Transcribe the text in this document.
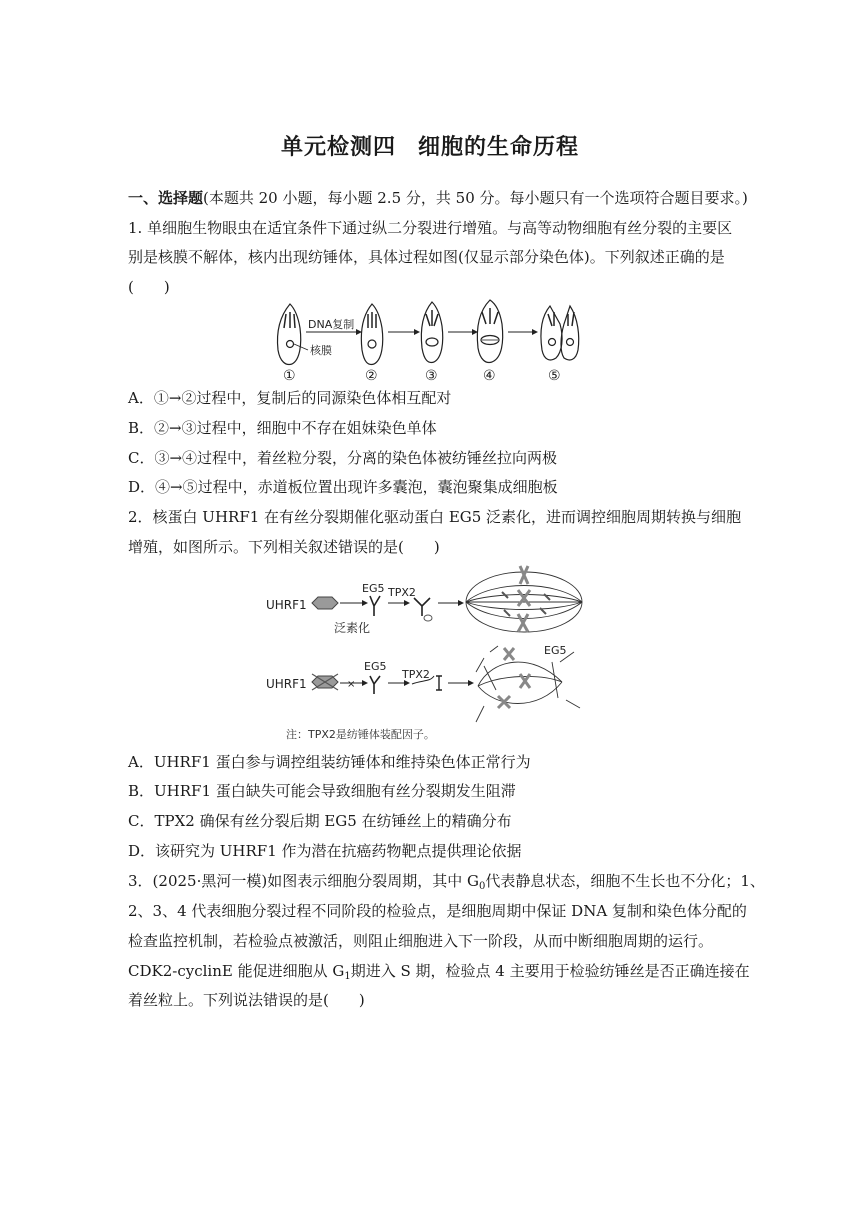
单元检测四 细胞的生命历程
一、选择题(本题共 20 小题，每小题 2.5 分，共 50 分。每小题只有一个选项符合题目要求。)
1. 单细胞生物眼虫在适宜条件下通过纵二分裂进行增殖。与高等动物细胞有丝分裂的主要区
别是核膜不解体，核内出现纺锤体，具体过程如图(仅显示部分染色体)。下列叙述正确的是
(　　)
DNA复制
核膜
①	②	③	④	⑤
A．①→②过程中，复制后的同源染色体相互配对
B．②→③过程中，细胞中不存在姐妹染色单体
C．③→④过程中，着丝粒分裂，分离的染色体被纺锤丝拉向两极
D．④→⑤过程中，赤道板位置出现许多囊泡，囊泡聚集成细胞板
2．核蛋白 UHRF1 在有丝分裂期催化驱动蛋白 EG5 泛素化，进而调控细胞周期转换与细胞
增殖，如图所示。下列相关叙述错误的是(　　)
UHRF1
EG5
泛素化
TPX2
UHRF1	×
EG5
TPX2
EG5
注：TPX2是纺锤体装配因子。
A．UHRF1 蛋白参与调控组装纺锤体和维持染色体正常行为
B．UHRF1 蛋白缺失可能会导致细胞有丝分裂期发生阻滞
C．TPX2 确保有丝分裂后期 EG5 在纺锤丝上的精确分布
D．该研究为 UHRF1 作为潜在抗癌药物靶点提供理论依据
3．(2025·黑河一模)如图表示细胞分裂周期，其中 $G_0$代表静息状态，细胞不生长也不分化；1、
2、3、4 代表细胞分裂过程不同阶段的检验点，是细胞周期中保证 DNA 复制和染色体分配的
检查监控机制，若检验点被激活，则阻止细胞进入下一阶段，从而中断细胞周期的运行。
CDK2-cyclinE 能促进细胞从 $G_1$期进入 S 期，检验点 4 主要用于检验纺锤丝是否正确连接在
着丝粒上。下列说法错误的是(　　)
